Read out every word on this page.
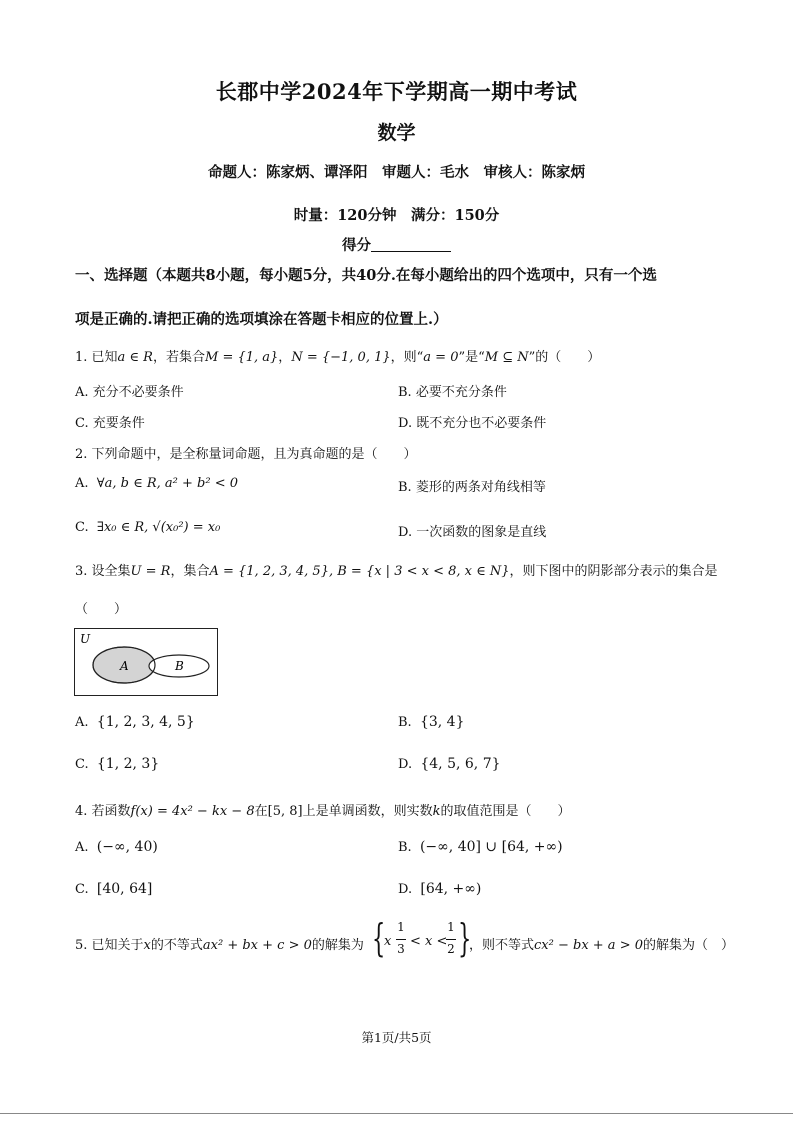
长郡中学2024年下学期高一期中考试
数学
命题人：陈家炳、谭泽阳　审题人：毛水　审核人：陈家炳
时量：120分钟　满分：150分
得分
一、选择题（本题共8小题，每小题5分，共40分.在每小题给出的四个选项中，只有一个选
项是正确的.请把正确的选项填涂在答题卡相应的位置上.）
1. 已知a ∈ R，若集合M = {1, a}，N = {−1, 0, 1}，则“a = 0”是“M ⊆ N”的（　　）
A. 充分不必要条件	B. 必要不充分条件
C. 充要条件	D. 既不充分也不必要条件
2. 下列命题中，是全称量词命题，且为真命题的是（　　）
A. ∀a, b ∈ R, a² + b² < 0	B. 菱形的两条对角线相等
C. ∃x₀ ∈ R, √(x₀²) = x₀	D. 一次函数的图象是直线
3. 设全集U = R，集合A = {1, 2, 3, 4, 5}, B = {x | 3 < x < 8, x ∈ N}，则下图中的阴影部分表示的集合是
（　　）
U
A	B
A. {1, 2, 3, 4, 5}	B. {3, 4}
C. {1, 2, 3}	D. {4, 5, 6, 7}
4. 若函数f(x) = 4x² − kx − 8在[5, 8]上是单调函数，则实数k的取值范围是（　　）
A. (−∞, 40)	B. (−∞, 40] ∪ [64, +∞)
C. [40, 64]	D. [64, +∞)
5. 已知关于x的不等式ax² + bx + c > 0的解集为 {
x
1
3 < x <
1
2 }
，则不等式cx² − bx + a > 0的解集为（　）
第1页/共5页
